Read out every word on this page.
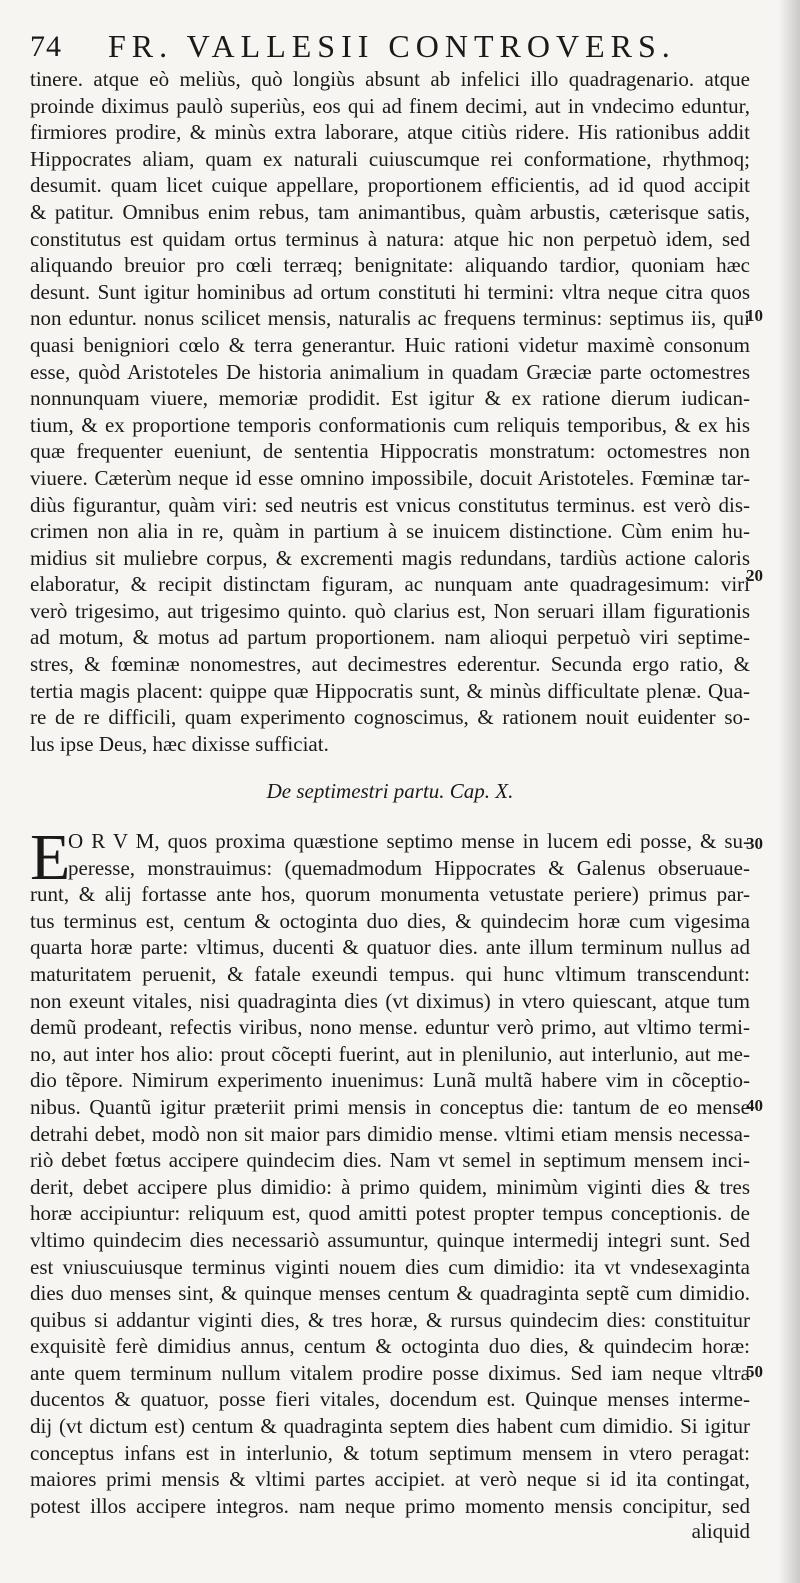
74 FR. VALLESII CONTROVERS.
tinere. atque eò meliùs, quò longiùs absunt ab infelici illo quadragenario. atque
proinde diximus paulò superiùs, eos qui ad finem decimi, aut in vndecimo eduntur,
firmiores prodire, & minùs extra laborare, atque citiùs ridere. His rationibus addit
Hippocrates aliam, quam ex naturali cuiuscumque rei conformatione, rhythmoq;
desumit. quam licet cuique appellare, proportionem efficientis, ad id quod accipit
& patitur. Omnibus enim rebus, tam animantibus, quàm arbustis, cæterisque satis,
constitutus est quidam ortus terminus à natura: atque hic non perpetuò idem, sed
aliquando breuior pro cœli terræq; benignitate: aliquando tardior, quoniam hæc
desunt. Sunt igitur hominibus ad ortum constituti hi termini: vltra neque citra quos
non eduntur. nonus scilicet mensis, naturalis ac frequens terminus: septimus iis, qui
quasi benigniori cœlo & terra generantur. Huic rationi videtur maximè consonum
esse, quòd Aristoteles De historia animalium in quadam Græciæ parte octomestres
nonnunquam viuere, memoriæ prodidit. Est igitur & ex ratione dierum iudican-
tium, & ex proportione temporis conformationis cum reliquis temporibus, & ex his
quæ frequenter eueniunt, de sententia Hippocratis monstratum: octomestres non
viuere. Cæterùm neque id esse omnino impossibile, docuit Aristoteles. Fœminæ tar-
diùs figurantur, quàm viri: sed neutris est vnicus constitutus terminus. est verò dis-
crimen non alia in re, quàm in partium à se inuicem distinctione. Cùm enim hu-
midius sit muliebre corpus, & excrementi magis redundans, tardiùs actione caloris
elaboratur, & recipit distinctam figuram, ac nunquam ante quadragesimum: viri
verò trigesimo, aut trigesimo quinto. quò clarius est, Non seruari illam figurationis
ad motum, & motus ad partum proportionem. nam alioqui perpetuò viri septime-
stres, & fœminæ nonomestres, aut decimestres ederentur. Secunda ergo ratio, &
tertia magis placent: quippe quæ Hippocratis sunt, & minùs difficultate plenæ. Qua-
re de re difficili, quam experimento cognoscimus, & rationem nouit euidenter so-
lus ipse Deus, hæc dixisse sufficiat.
De septimestri partu. Cap. X.
E
O R V M, quos proxima quæstione septimo mense in lucem edi posse, & su-
peresse, monstrauimus: (quemadmodum Hippocrates & Galenus obseruaue-
runt, & alij fortasse ante hos, quorum monumenta vetustate periere) primus par-
tus terminus est, centum & octoginta duo dies, & quindecim horæ cum vigesima
quarta horæ parte: vltimus, ducenti & quatuor dies. ante illum terminum nullus ad
maturitatem peruenit, & fatale exeundi tempus. qui hunc vltimum transcendunt:
non exeunt vitales, nisi quadraginta dies (vt diximus) in vtero quiescant, atque tum
demũ prodeant, refectis viribus, nono mense. eduntur verò primo, aut vltimo termi-
no, aut inter hos alio: prout cõcepti fuerint, aut in plenilunio, aut interlunio, aut me-
dio tẽpore. Nimirum experimento inuenimus: Lunã multã habere vim in cõceptio-
nibus. Quantũ igitur præteriit primi mensis in conceptus die: tantum de eo mense
detrahi debet, modò non sit maior pars dimidio mense. vltimi etiam mensis necessa-
riò debet fœtus accipere quindecim dies. Nam vt semel in septimum mensem inci-
derit, debet accipere plus dimidio: à primo quidem, minimùm viginti dies & tres
horæ accipiuntur: reliquum est, quod amitti potest propter tempus conceptionis. de
vltimo quindecim dies necessariò assumuntur, quinque intermedij integri sunt. Sed
est vniuscuiusque terminus viginti nouem dies cum dimidio: ita vt vndesexaginta
dies duo menses sint, & quinque menses centum & quadraginta septẽ cum dimidio.
quibus si addantur viginti dies, & tres horæ, & rursus quindecim dies: constituitur
exquisitè ferè dimidius annus, centum & octoginta duo dies, & quindecim horæ:
ante quem terminum nullum vitalem prodire posse diximus. Sed iam neque vltra
ducentos & quatuor, posse fieri vitales, docendum est. Quinque menses interme-
dij (vt dictum est) centum & quadraginta septem dies habent cum dimidio. Si igitur
conceptus infans est in interlunio, & totum septimum mensem in vtero peragat:
maiores primi mensis & vltimi partes accipiet. at verò neque si id ita contingat,
potest illos accipere integros. nam neque primo momento mensis concipitur, sed
aliquid
10
20
30
40
50
